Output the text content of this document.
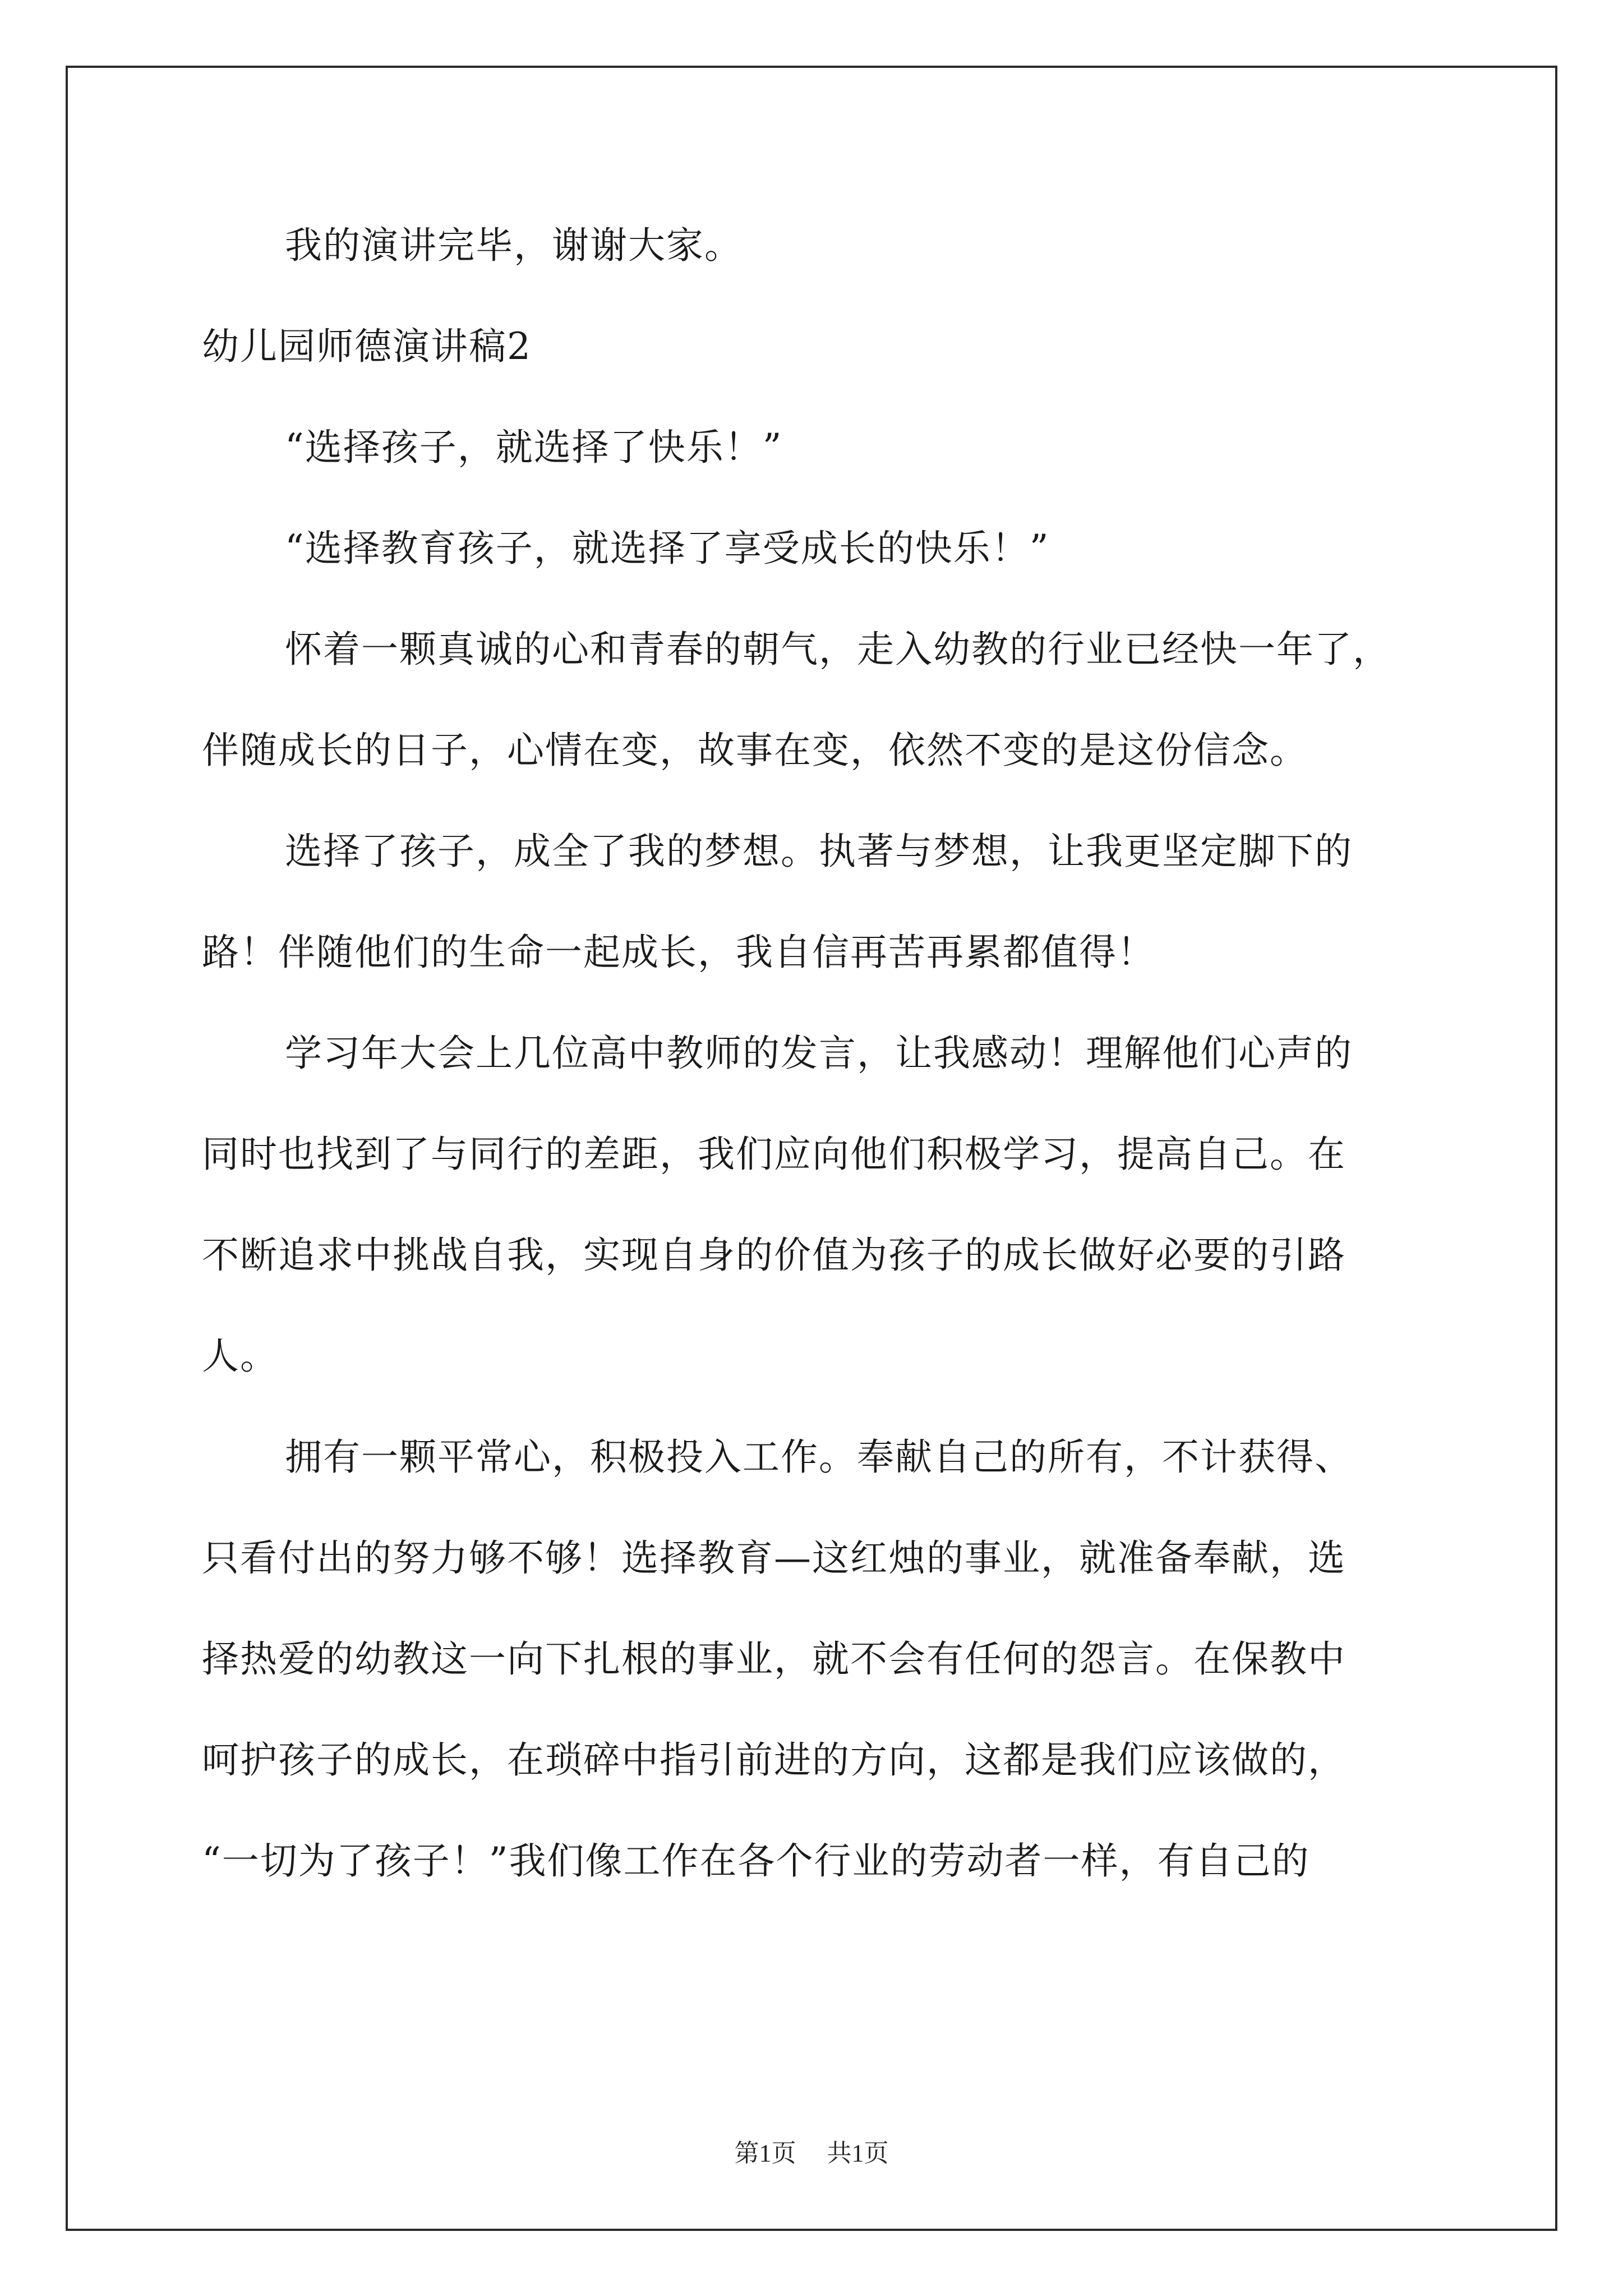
我的演讲完毕，谢谢大家。
幼儿园师德演讲稿2
“选择孩子，就选择了快乐！”
“选择教育孩子，就选择了享受成长的快乐！”
怀着一颗真诚的心和青春的朝气，走入幼教的行业已经快一年了，
伴随成长的日子，心情在变，故事在变，依然不变的是这份信念。
选择了孩子，成全了我的梦想。执著与梦想，让我更坚定脚下的
路！伴随他们的生命一起成长，我自信再苦再累都值得！
学习年大会上几位高中教师的发言，让我感动！理解他们心声的
同时也找到了与同行的差距，我们应向他们积极学习，提高自己。在
不断追求中挑战自我，实现自身的价值为孩子的成长做好必要的引路
人。
拥有一颗平常心，积极投入工作。奉献自己的所有，不计获得、
只看付出的努力够不够！选择教育—这红烛的事业，就准备奉献，选
择热爱的幼教这一向下扎根的事业，就不会有任何的怨言。在保教中
呵护孩子的成长，在琐碎中指引前进的方向，这都是我们应该做的，
“一切为了孩子！”我们像工作在各个行业的劳动者一样，有自己的
第1页 共1页
